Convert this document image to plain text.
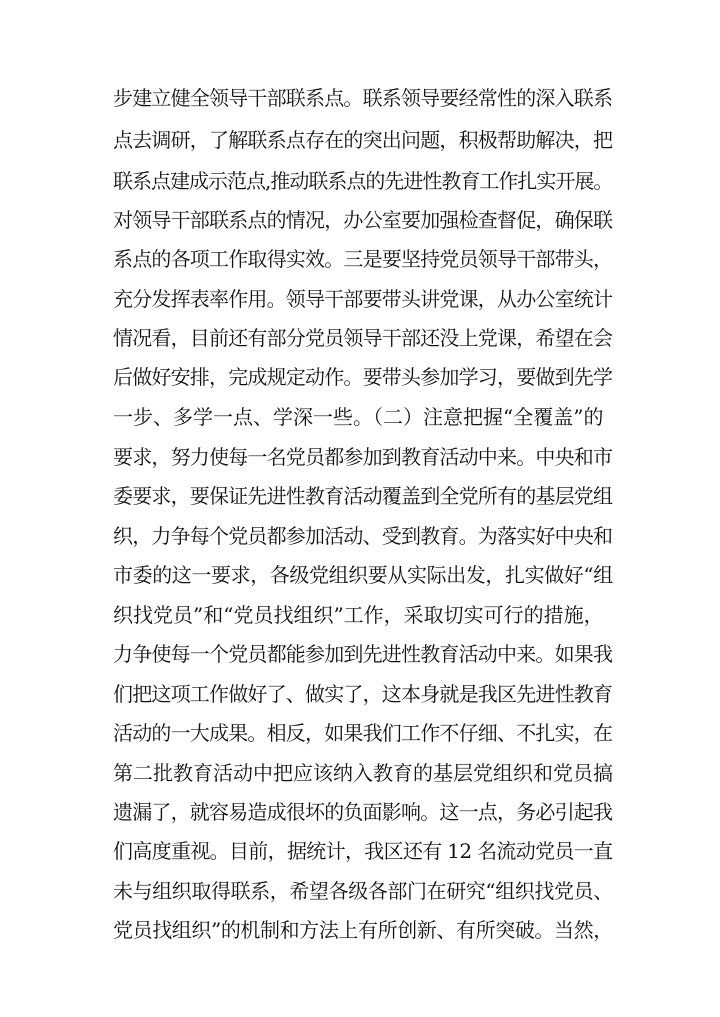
步建立健全领导干部联系点。联系领导要经常性的深入联系
点去调研，了解联系点存在的突出问题，积极帮助解决，把
联系点建成示范点,推动联系点的先进性教育工作扎实开展。
对领导干部联系点的情况，办公室要加强检查督促，确保联
系点的各项工作取得实效。三是要坚持党员领导干部带头，
充分发挥表率作用。领导干部要带头讲党课，从办公室统计
情况看，目前还有部分党员领导干部还没上党课，希望在会
后做好安排，完成规定动作。要带头参加学习，要做到先学
一步、多学一点、学深一些。（二）注意把握“全覆盖”的
要求，努力使每一名党员都参加到教育活动中来。中央和市
委要求，要保证先进性教育活动覆盖到全党所有的基层党组
织，力争每个党员都参加活动、受到教育。为落实好中央和
市委的这一要求，各级党组织要从实际出发，扎实做好“组
织找党员”和“党员找组织”工作，采取切实可行的措施，
力争使每一个党员都能参加到先进性教育活动中来。如果我
们把这项工作做好了、做实了，这本身就是我区先进性教育
活动的一大成果。相反，如果我们工作不仔细、不扎实，在
第二批教育活动中把应该纳入教育的基层党组织和党员搞
遗漏了，就容易造成很坏的负面影响。这一点，务必引起我
们高度重视。目前，据统计，我区还有 12 名流动党员一直
未与组织取得联系，希望各级各部门在研究“组织找党员、
党员找组织”的机制和方法上有所创新、有所突破。当然，
